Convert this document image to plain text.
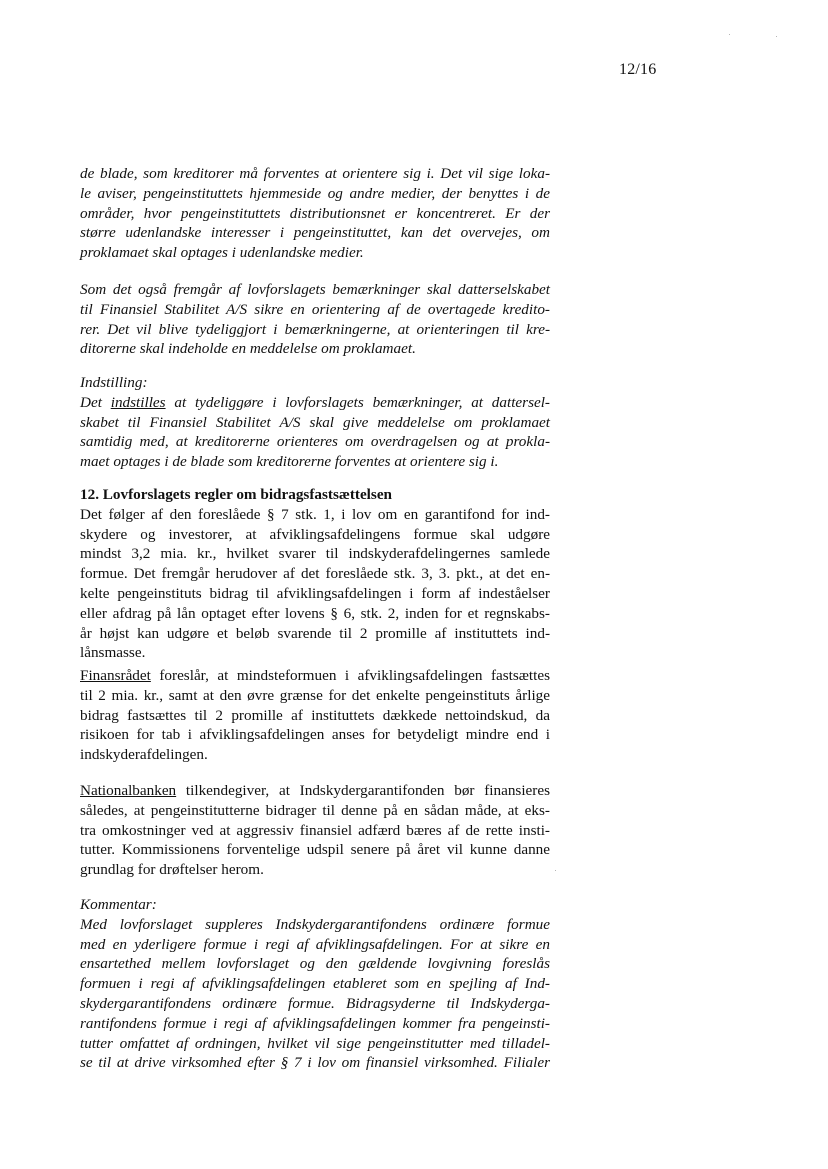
12/16
de blade, som kreditorer må forventes at orientere sig i. Det vil sige loka-
le aviser, pengeinstituttets hjemmeside og andre medier, der benyttes i de
områder, hvor pengeinstituttets distributionsnet er koncentreret. Er der
større udenlandske interesser i pengeinstituttet, kan det overvejes, om
proklamaet skal optages i udenlandske medier.
Som det også fremgår af lovforslagets bemærkninger skal datterselskabet
til Finansiel Stabilitet A/S sikre en orientering af de overtagede kredito-
rer. Det vil blive tydeliggjort i bemærkningerne, at orienteringen til kre-
ditorerne skal indeholde en meddelelse om proklamaet.
Indstilling:
Det indstilles at tydeliggøre i lovforslagets bemærkninger, at dattersel-
skabet til Finansiel Stabilitet A/S skal give meddelelse om proklamaet
samtidig med, at kreditorerne orienteres om overdragelsen og at prokla-
maet optages i de blade som kreditorerne forventes at orientere sig i.
12. Lovforslagets regler om bidragsfastsættelsen
Det følger af den foreslåede § 7 stk. 1, i lov om en garantifond for ind-
skydere og investorer, at afviklingsafdelingens formue skal udgøre
mindst 3,2 mia. kr., hvilket svarer til indskyderafdelingernes samlede
formue. Det fremgår herudover af det foreslåede stk. 3, 3. pkt., at det en-
kelte pengeinstituts bidrag til afviklingsafdelingen i form af indeståelser
eller afdrag på lån optaget efter lovens § 6, stk. 2, inden for et regnskabs-
år højst kan udgøre et beløb svarende til 2 promille af instituttets ind-
lånsmasse.
Finansrådet foreslår, at mindsteformuen i afviklingsafdelingen fastsættes
til 2 mia. kr., samt at den øvre grænse for det enkelte pengeinstituts årlige
bidrag fastsættes til 2 promille af instituttets dækkede nettoindskud, da
risikoen for tab i afviklingsafdelingen anses for betydeligt mindre end i
indskyderafdelingen.
Nationalbanken tilkendegiver, at Indskydergarantifonden bør finansieres
således, at pengeinstitutterne bidrager til denne på en sådan måde, at eks-
tra omkostninger ved at aggressiv finansiel adfærd bæres af de rette insti-
tutter. Kommissionens forventelige udspil senere på året vil kunne danne
grundlag for drøftelser herom.
Kommentar:
Med lovforslaget suppleres Indskydergarantifondens ordinære formue
med en yderligere formue i regi af afviklingsafdelingen. For at sikre en
ensartethed mellem lovforslaget og den gældende lovgivning foreslås
formuen i regi af afviklingsafdelingen etableret som en spejling af Ind-
skydergarantifondens ordinære formue. Bidragsyderne til Indskyderga-
rantifondens formue i regi af afviklingsafdelingen kommer fra pengeinsti-
tutter omfattet af ordningen, hvilket vil sige pengeinstitutter med tilladel-
se til at drive virksomhed efter § 7 i lov om finansiel virksomhed. Filialer
